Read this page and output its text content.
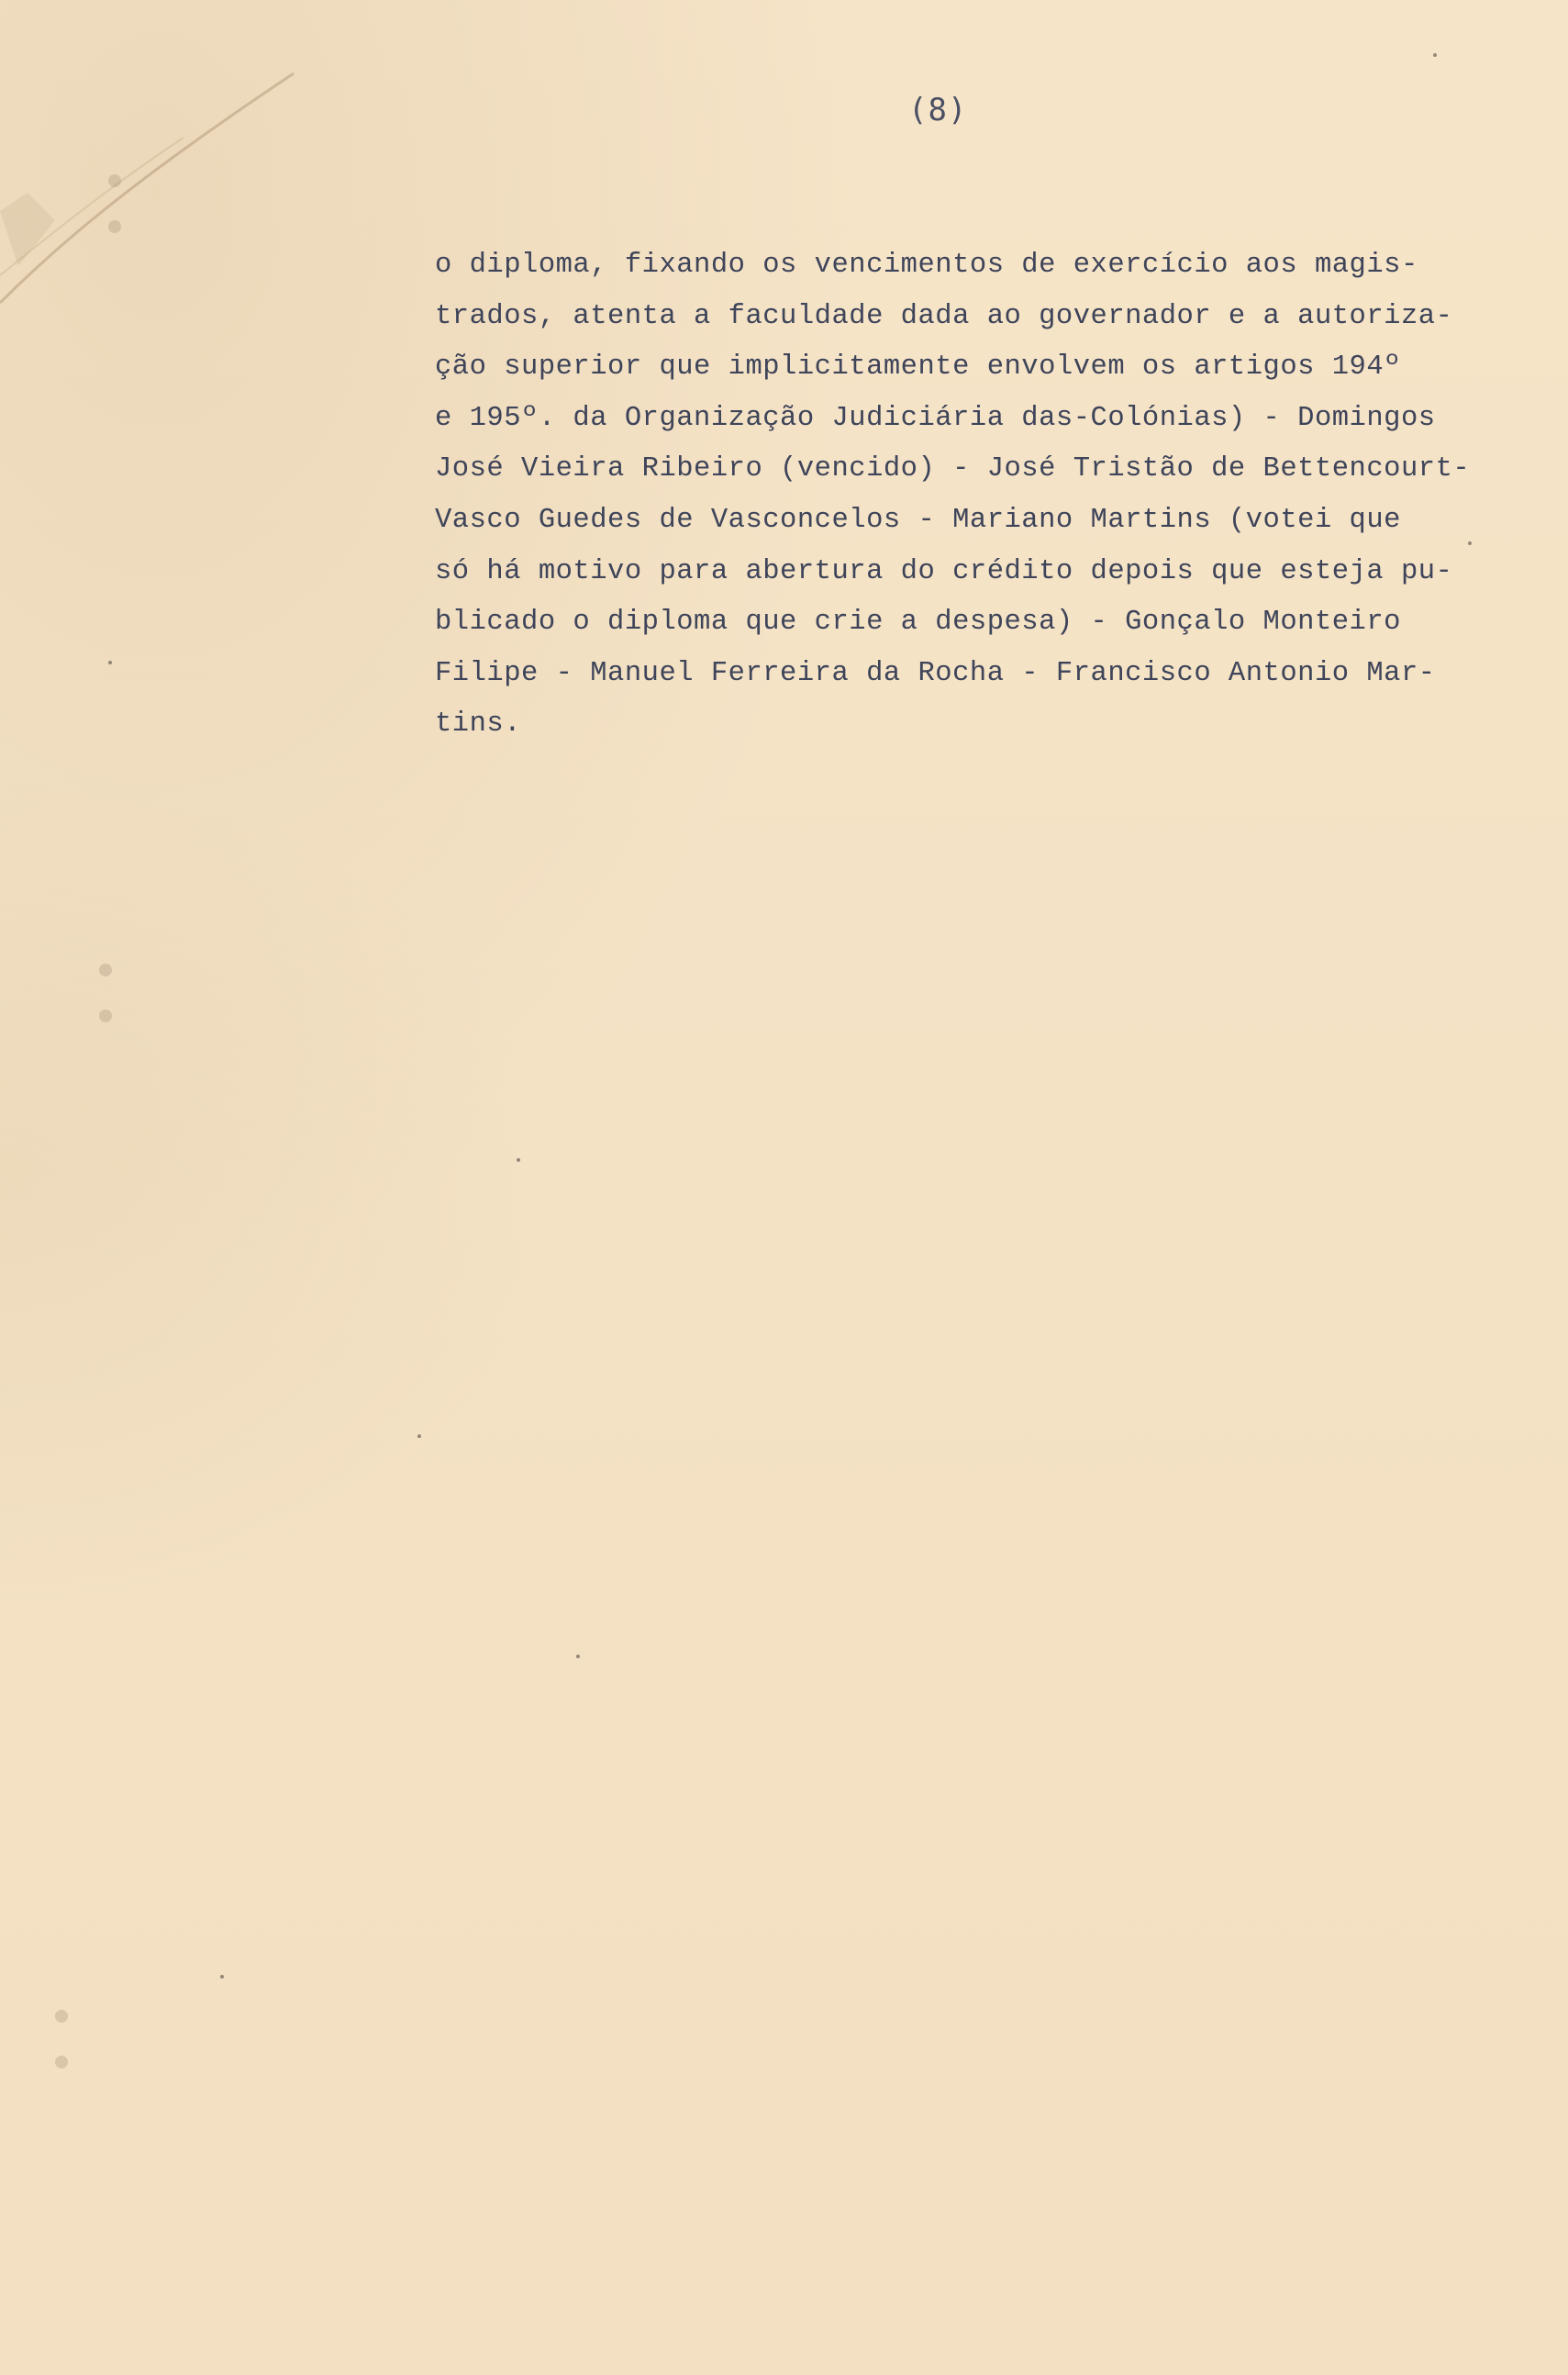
(8)
o diploma, fixando os vencimentos de exercício aos magis-
trados, atenta a faculdade dada ao governador e a autoriza-
ção superior que implicitamente envolvem os artigos 194º
e 195º. da Organização Judiciária das-Colónias) - Domingos
José Vieira Ribeiro (vencido) - José Tristão de Bettencourt-
Vasco Guedes de Vasconcelos - Mariano Martins (votei que
só há motivo para abertura do crédito depois que esteja pu-
blicado o diploma que crie a despesa) - Gonçalo Monteiro
Filipe - Manuel Ferreira da Rocha - Francisco Antonio Mar-
tins.
